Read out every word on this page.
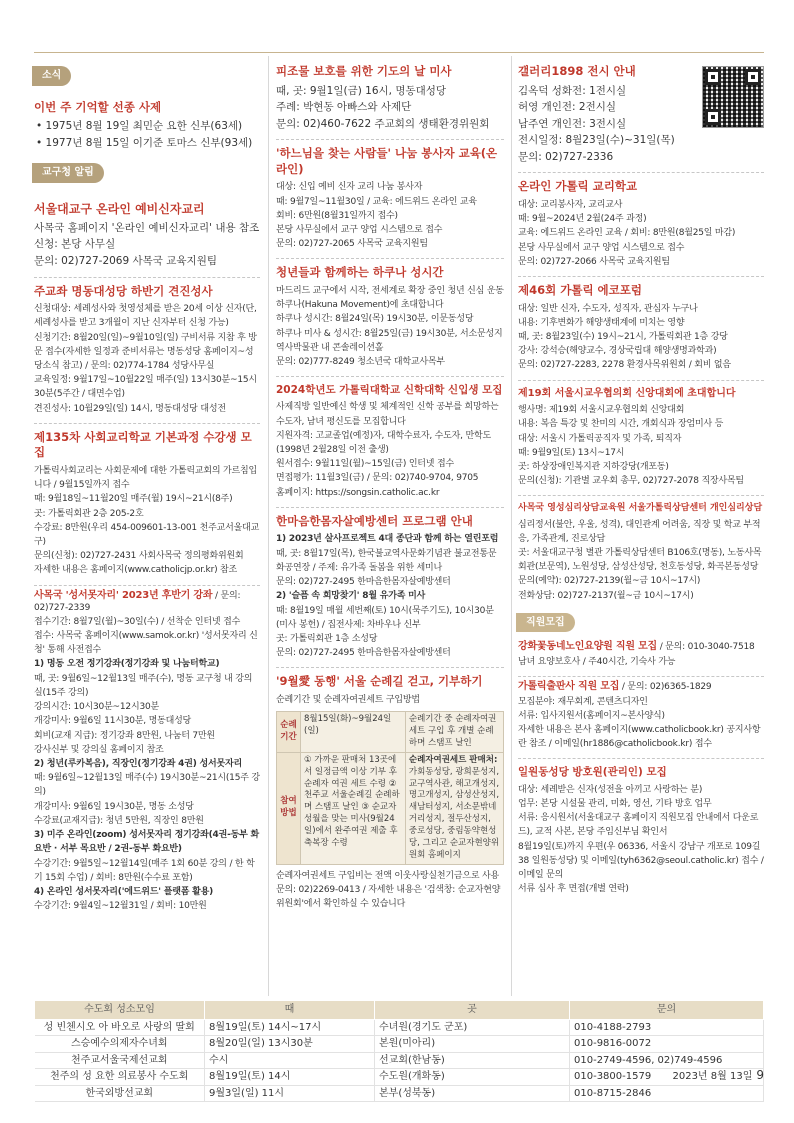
소식
이번 주 기억할 선종 사제
• 1975년 8월 19일 최민순 요한 신부(63세)
• 1977년 8월 15일 이기준 토마스 신부(93세)
교구청 알림
서울대교구 온라인 예비신자교리
사목국 홈페이지 '온라인 예비신자교리' 내용 참조
신청: 본당 사무실
문의: 02)727-2069 사목국 교육지원팀
주교좌 명동대성당 하반기 견진성사
신청대상: 세례성사와 첫영성체를 받은 20세 이상 신자(단, 세례성사를 받고 3개월이 지난 신자부터 신청 가능)
신청기간: 8월20일(일)~9월10일(일) 구비서류 지참 후 방문 접수(자세한 일정과 준비서류는 명동성당 홈페이지~성당소식 참고) / 문의: 02)774-1784 성당사무실
교육일정: 9월17일~10월22일 매주(일) 13시30분~15시30분(5주간 / 대면수업)
견진성사: 10월29일(일) 14시, 명동대성당 대성전
제135차 사회교리학교 기본과정 수강생 모집
가톨릭사회교리는 사회문제에 대한 가톨릭교회의 가르침입니다 / 9월15일까지 접수
때: 9월18일~11월20일 매주(월) 19시~21시(8주)
곳: 가톨릭회관 2층 205-2호
수강료: 8만원(우리 454-009601-13-001 천주교서울대교구)
문의(신청): 02)727-2431 사회사목국 정의평화위원회
자세한 내용은 홈페이지(www.catholicjp.or.kr) 참조
사목국 '성서못자리' 2023년 후반기 강좌 / 문의: 02)727-2339
접수기간: 8월7일(월)~30일(수) / 선착순 인터넷 접수
접수: 사목국 홈페이지(www.samok.or.kr) '성서못자리 신청' 통해 사전접수
1) 명동 오전 정기강좌(정기강좌 및 나눔터학교)
때, 곳: 9월6일~12월13일 매주(수), 명동 교구청 내 강의실(15주 강의)
강의시간: 10시30분~12시30분
개강미사: 9월6일 11시30분, 명동대성당
회비(교재 지급): 정기강좌 8만원, 나눔터 7만원
강사신부 및 강의실 홈페이지 참조
2) 청년(루카복음), 직장인(정기강좌 4권) 성서못자리
때: 9월6일~12월13일 매주(수) 19시30분~21시(15주 강의)
개강미사: 9월6일 19시30분, 명동 소성당
수강료(교재지급): 청년 5만원, 직장인 8만원
3) 미주 온라인(zoom) 성서못자리 정기강좌(4권-동부 화요반 · 서부 목요반 / 2권-동부 화요반)
수강기간: 9월5일~12월14일(매주 1회 60분 강의 / 한 학기 15회 수업) / 회비: 8만원(수수료 포함)
4) 온라인 성서못자리('에드위드' 플랫폼 활용)
수강기간: 9월4일~12월31일 / 회비: 10만원
피조물 보호를 위한 기도의 날 미사
때, 곳: 9월1일(금) 16시, 명동대성당
주례: 박현동 아빠스와 사제단
문의: 02)460-7622 주교회의 생태환경위원회
'하느님을 찾는 사람들' 나눔 봉사자 교육(온라인)
대상: 신입 예비 신자 교리 나눔 봉사자
때: 9월7일~11월30일 / 교육: 에드위드 온라인 교육
회비: 6만원(8월31일까지 접수)
본당 사무실에서 교구 양업 시스템으로 접수
문의: 02)727-2065 사목국 교육지원팀
청년들과 함께하는 하쿠나 성시간
마드리드 교구에서 시작, 전세계로 확장 중인 청년 신심 운동 하쿠나(Hakuna Movement)에 초대합니다
하쿠나 성시간: 8월24일(목) 19시30분, 이문동성당
하쿠나 미사 & 성시간: 8월25일(금) 19시30분, 서소문성지역사박물관 내 콘솔레이션홀
문의: 02)777-8249 청소년국 대학교사목부
2024학년도 가톨릭대학교 신학대학 신입생 모집
사제직방 일반예신 학생 및 체계적인 신학 공부를 희망하는 수도자, 남녀 평신도를 모집합니다
지원자격: 고교졸업(예정)자, 대학수료자, 수도자, 만학도(1998년 2월28일 이전 출생)
원서접수: 9월11일(월)~15일(금) 인터넷 접수
면접평가: 11월3일(금) / 문의: 02)740-9704, 9705
홈페이지: https://songsin.catholic.ac.kr
한마음한몸자살예방센터 프로그램 안내
1) 2023년 살사프로젝트 4대 종단과 함께 하는 열린포럼
때, 곳: 8월17일(목), 한국불교역사문화기념관 불교전통문화공연장 / 주제: 유가족 돌봄을 위한 세미나
문의: 02)727-2495 한마음한몸자살예방센터
2) '슬픔 속 희망찾기' 8월 유가족 미사
때: 8월19일 매월 세번째(토) 10시(묵주기도), 10시30분(미사 봉헌) / 집전사제: 차바우나 신부
곳: 가톨릭회관 1층 소성당
문의: 02)727-2495 한마음한몸자살예방센터
'9월愛 동행' 서울 순례길 걷고, 기부하기
순례기간 및 순례자여권세트 구입방법
순례기간	8월15일(화)~9월24일(일)	순례기간 중 순례자여권세트 구입 후 개별 순례하며 스탬프 날인
참여방법	① 가까운 판매처 13곳에서 일정금액 이상 기부 후 순례자 여권 세트 수령 ② 천주교 서울순례길 순례하며 스탬프 날인 ③ 순교자성월을 맞는 미사(9월24일)에서 완주여권 제출 후 축복장 수령	순례자여권세트 판매처: 가회동성당, 광희문성지, 교구역사관, 해고개성지, 명고개성지, 삼성산성지, 새남터성지, 서소문밖네거리성지, 절두산성지, 중로성당, 중림동약현성당, 그리고 순교자현양위원회 홈페이지
순례자여권세트 구입비는 전액 이웃사랑실천기금으로 사용
문의: 02)2269-0413 / 자세한 내용은 '검색창: 순교자현양위원회'에서 확인하실 수 있습니다
갤러리1898 전시 안내
김옥덕 성화전: 1전시실
허영 개인전: 2전시실
남주연 개인전: 3전시실
전시일정: 8월23일(수)~31일(목)
문의: 02)727-2336
온라인 가톨릭 교리학교
대상: 교리봉사자, 교리교사
때: 9월~2024년 2월(24주 과정)
교육: 에드위드 온라인 교육 / 회비: 8만원(8월25일 마감)
본당 사무실에서 교구 양업 시스템으로 접수
문의: 02)727-2066 사목국 교육지원팀
제46회 가톨릭 에코포럼
대상: 일반 신자, 수도자, 성직자, 관심자 누구나
내용: 기후변화가 해양생태계에 미치는 영향
때, 곳: 8월23일(수) 19시~21시, 가톨릭회관 1층 강당
강사: 강석승(해양교수, 경상국립대 해양생명과학과)
문의: 02)727-2283, 2278 환경사목위원회 / 회비 없음
제19회 서울시교우협의회 신앙대회에 초대합니다
행사명: 제19회 서울시교우협의회 신앙대회
내용: 복음 특강 및 찬미의 시간, 개회식과 장엄미사 등
대상: 서울시 가톨릭공직자 및 가족, 퇴직자
때: 9월9일(토) 13시~17시
곳: 하상장애인복지관 지하강당(개포동)
문의(신청): 기관별 교우회 총무, 02)727-2078 직장사목팀
사목국 영성심리상담교육원 서울가톨릭상담센터 개인심리상담
심리정서(불안, 우울, 성격), 대인관계 어려움, 직장 및 학교 부적응, 가족관계, 진로상담
곳: 서울대교구청 별관 가톨릭상담센터 B106호(명동), 노동사목회관(보문역), 노원성당, 삼성산성당, 천호동성당, 화곡본동성당
문의(예약): 02)727-2139(월~금 10시~17시)
전화상담: 02)727-2137(월~금 10시~17시)
직원모집
강화꽃동네노인요양원 직원 모집 / 문의: 010-3040-7518
남녀 요양보호사 / 주40시간, 기숙사 가능
가톨릭출판사 직원 모집 / 문의: 02)6365-1829
모집분야: 재무회계, 콘텐츠디자인
서류: 입사지원서(홈페이지~본사양식)
자세한 내용은 본사 홈페이지(www.catholicbook.kr) 공지사항란 참조 / 이메일(hr1886@catholicbook.kr) 접수
일원동성당 방호원(관리인) 모집
대상: 세례받은 신자(성전을 아끼고 사랑하는 분)
업무: 본당 시설물 관리, 미화, 영선, 기타 방호 업무
서류: 응시원서(서울대교구 홈페이지 직원모집 안내에서 다운로드), 교적 사본, 본당 주임신부님 확인서
8월19일(토)까지 우편(우 06336, 서울시 강남구 개포로 109길 38 일원동성당) 및 이메일(tyh6362@seoul.catholic.kr) 접수 / 이메일 문의
서류 심사 후 면접(개별 연락)
수도회 성소모임	때	곳	문의
성 빈첸시오 아 바오로 사랑의 딸회	8월19일(토) 14시~17시	수녀원(경기도 군포)	010-4188-2793
스승예수의제자수녀회	8월20일(일) 13시30분	본원(미아리)	010-9816-0072
천주교서울국제선교회	수시	선교회(한남동)	010-2749-4596, 02)749-4596
천주의 성 요한 의료봉사 수도회	8월19일(토) 14시	수도원(개화동)	010-3800-1579
한국외방선교회	9월3일(일) 11시	본부(성북동)	010-8715-2846
2023년 8월 13일 9
